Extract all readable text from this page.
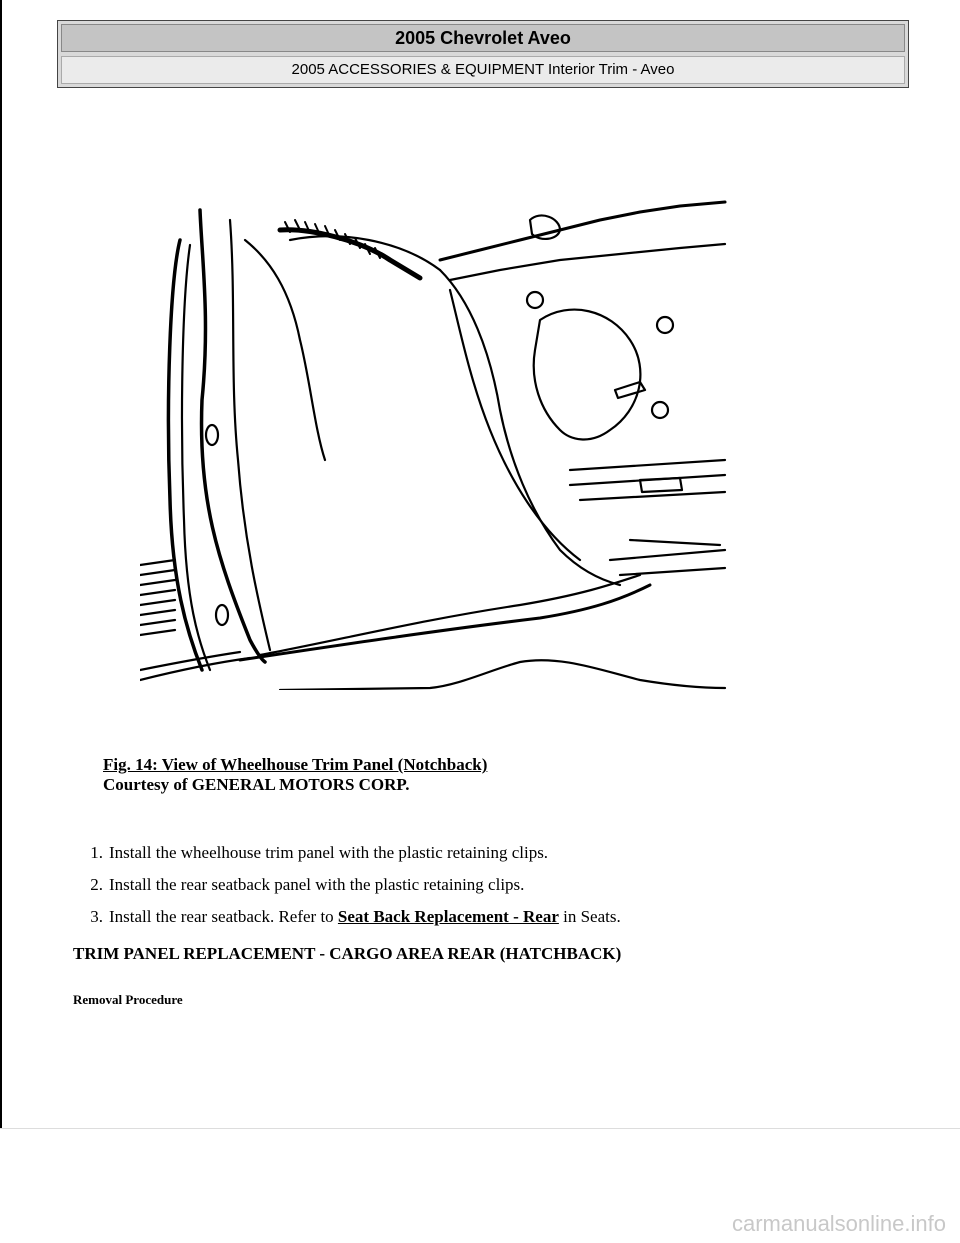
2005 Chevrolet Aveo
2005 ACCESSORIES & EQUIPMENT Interior Trim - Aveo
Fig. 14: View of Wheelhouse Trim Panel (Notchback)
Courtesy of GENERAL MOTORS CORP.
1. Install the wheelhouse trim panel with the plastic retaining clips.
2. Install the rear seatback panel with the plastic retaining clips.
3. Install the rear seatback. Refer to Seat Back Replacement - Rear in Seats.
TRIM PANEL REPLACEMENT - CARGO AREA REAR (HATCHBACK)
Removal Procedure
carmanualsonline.info
